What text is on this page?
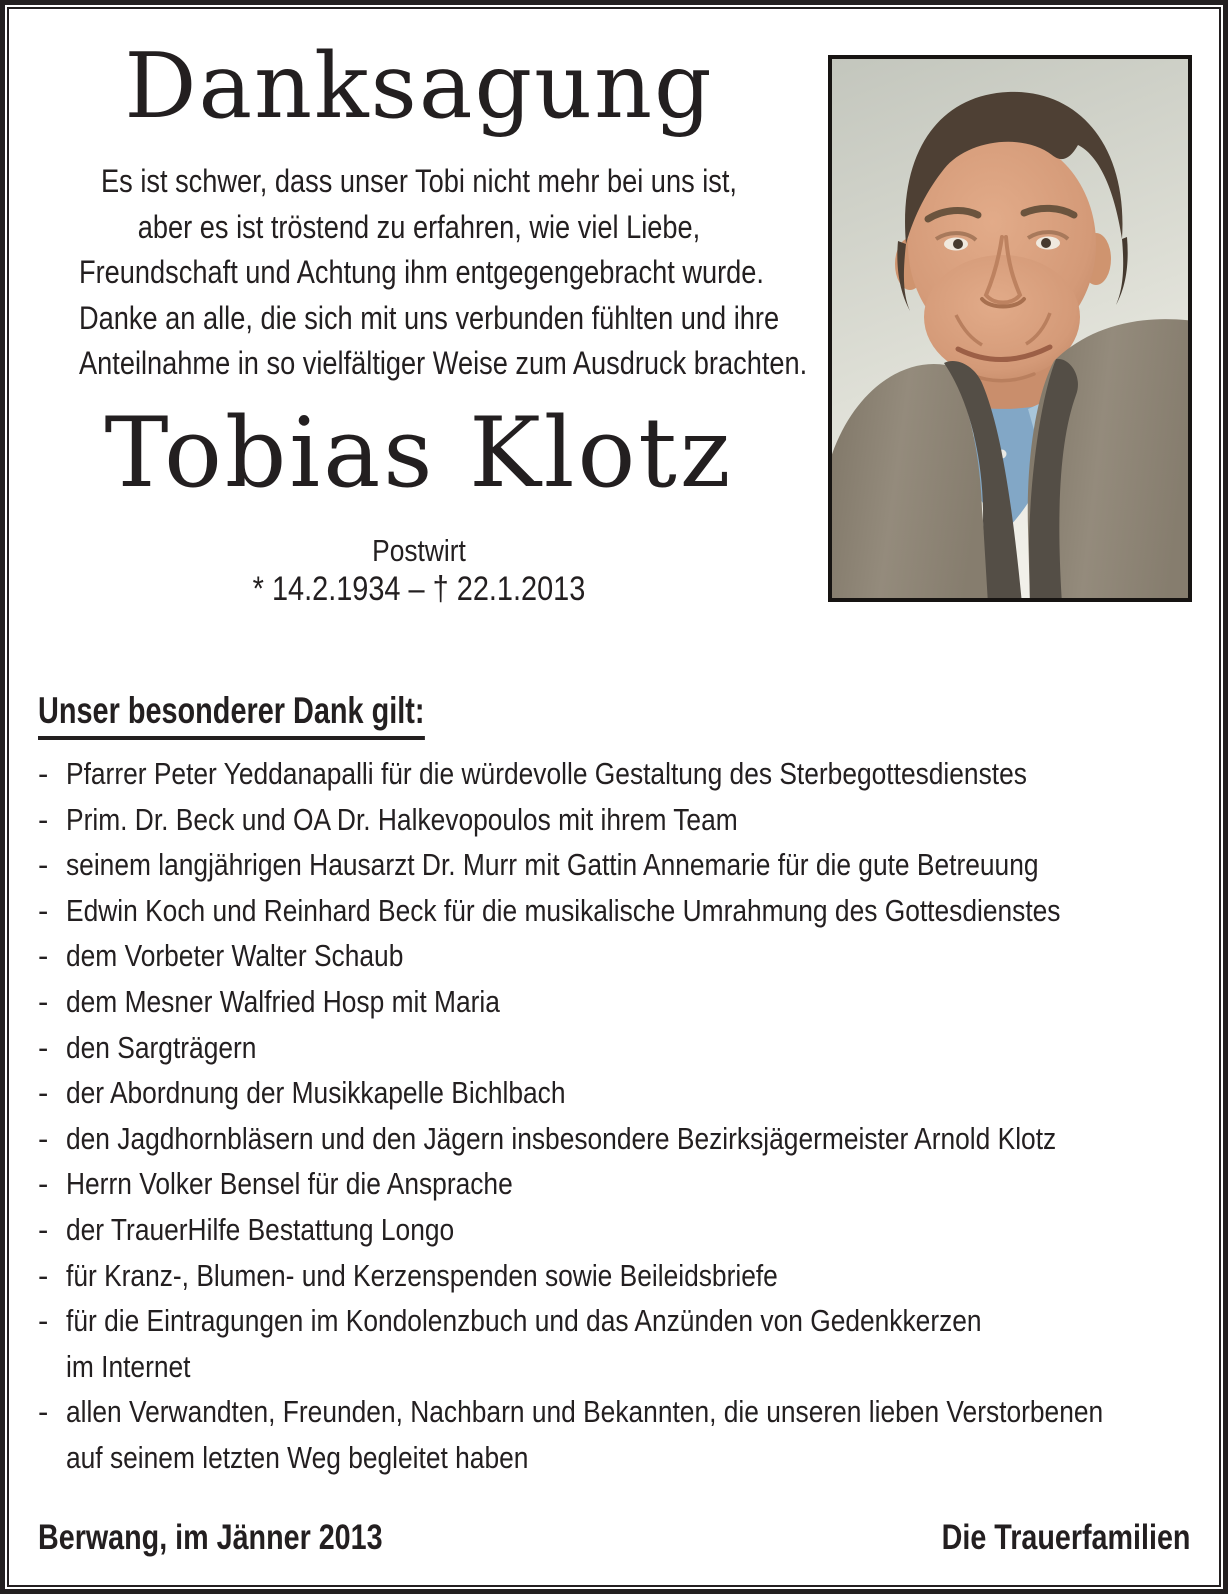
Danksagung
Es ist schwer, dass unser Tobi nicht mehr bei uns ist,
aber es ist tröstend zu erfahren, wie viel Liebe,
Freundschaft und Achtung ihm entgegengebracht wurde.
Danke an alle, die sich mit uns verbunden fühlten und ihre
Anteilnahme in so vielfältiger Weise zum Ausdruck brachten.
Tobias Klotz
Postwirt
* 14.2.1934 – † 22.1.2013
Unser besonderer Dank gilt:
- Pfarrer Peter Yeddanapalli für die würdevolle Gestaltung des Sterbegottesdienstes
- Prim. Dr. Beck und OA Dr. Halkevopoulos mit ihrem Team
- seinem langjährigen Hausarzt Dr. Murr mit Gattin Annemarie für die gute Betreuung
- Edwin Koch und Reinhard Beck für die musikalische Umrahmung des Gottesdienstes
- dem Vorbeter Walter Schaub
- dem Mesner Walfried Hosp mit Maria
- den Sargträgern
- der Abordnung der Musikkapelle Bichlbach
- den Jagdhornbläsern und den Jägern insbesondere Bezirksjägermeister Arnold Klotz
- Herrn Volker Bensel für die Ansprache
- der TrauerHilfe Bestattung Longo
- für Kranz-, Blumen- und Kerzenspenden sowie Beileidsbriefe
- für die Eintragungen im Kondolenzbuch und das Anzünden von Gedenkkerzen
im Internet
- allen Verwandten, Freunden, Nachbarn und Bekannten, die unseren lieben Verstorbenen
auf seinem letzten Weg begleitet haben
Berwang, im Jänner 2013	Die Trauerfamilien
